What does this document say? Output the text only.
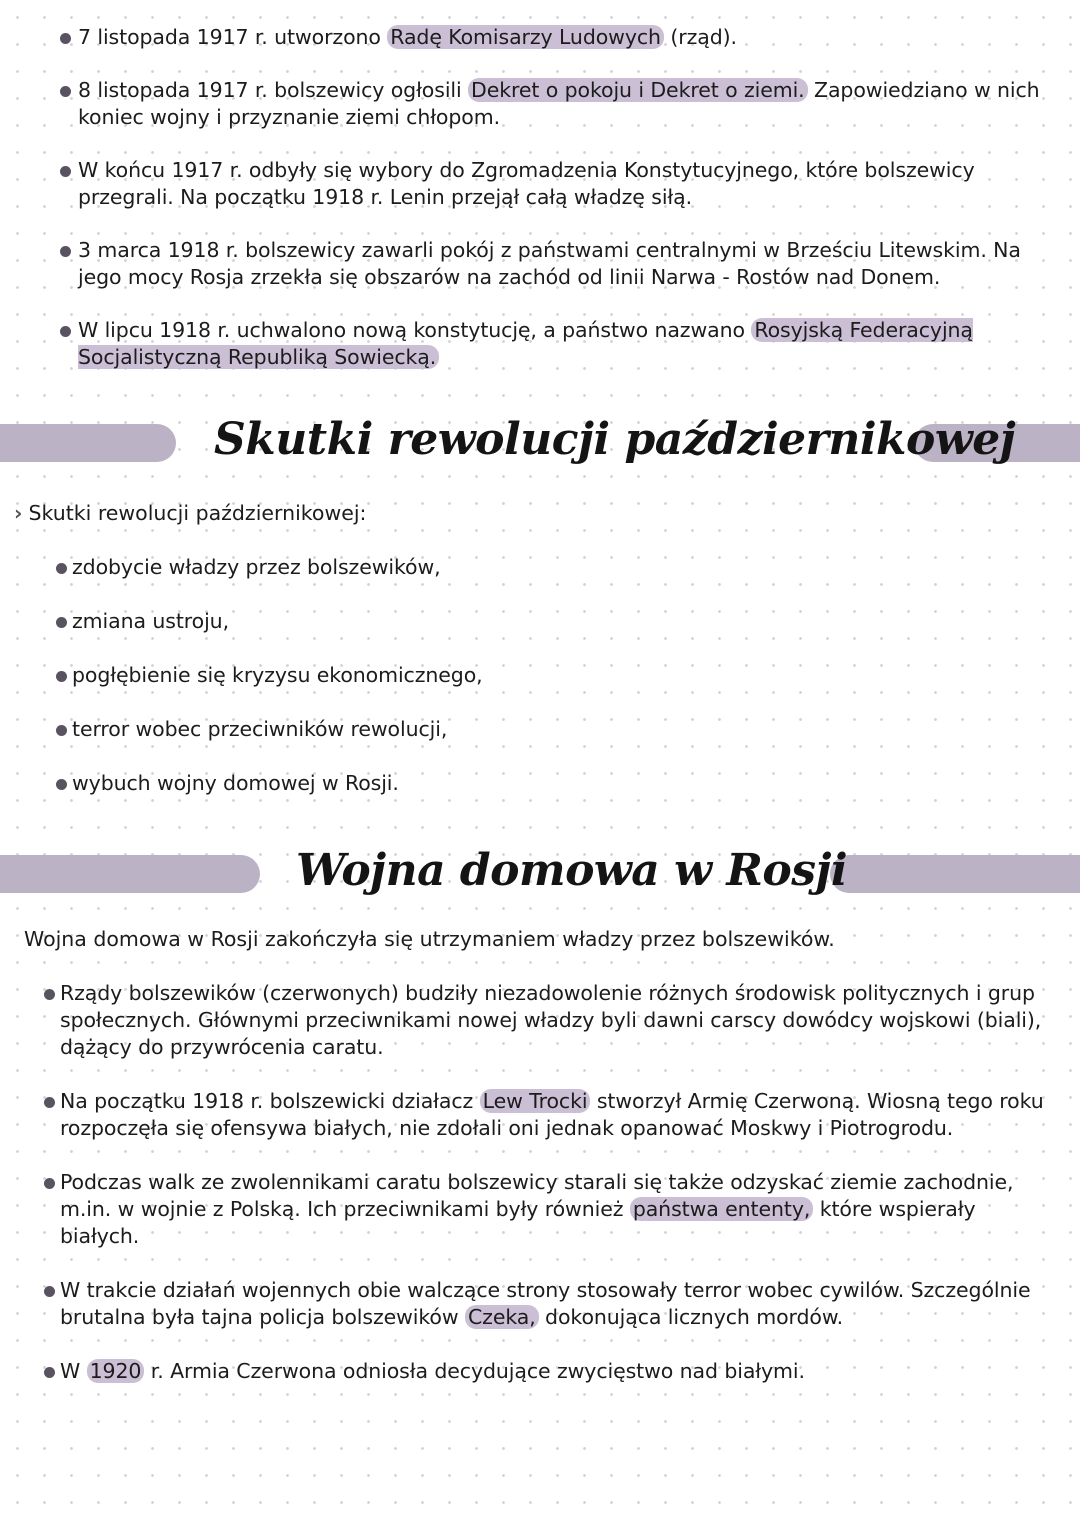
7 listopada 1917 r. utworzono Radę Komisarzy Ludowych (rząd).
8 listopada 1917 r. bolszewicy ogłosili Dekret o pokoju i Dekret o ziemi. Zapowiedziano w nich koniec wojny i przyznanie ziemi chłopom.
W końcu 1917 r. odbyły się wybory do Zgromadzenia Konstytucyjnego, które bolszewicy przegrali. Na początku 1918 r. Lenin przejął całą władzę siłą.
3 marca 1918 r. bolszewicy zawarli pokój z państwami centralnymi w Brześciu Litewskim. Na jego mocy Rosja zrzekła się obszarów na zachód od linii Narwa - Rostów nad Donem.
W lipcu 1918 r. uchwalono nową konstytucję, a państwo nazwano Rosyjską Federacyjną Socjalistyczną Republiką Sowiecką.
Skutki rewolucji październikowej
› Skutki rewolucji październikowej:
zdobycie władzy przez bolszewików,
zmiana ustroju,
pogłębienie się kryzysu ekonomicznego,
terror wobec przeciwników rewolucji,
wybuch wojny domowej w Rosji.
Wojna domowa w Rosji

Wojna domowa w Rosji zakończyła się utrzymaniem władzy przez bolszewików.

Rządy bolszewików (czerwonych) budziły niezadowolenie różnych środowisk politycznych i grup społecznych. Głównymi przeciwnikami nowej władzy byli dawni carscy dowódcy wojskowi (biali), dążący do przywrócenia caratu.
Na początku 1918 r. bolszewicki działacz Lew Trocki stworzył Armię Czerwoną. Wiosną tego roku rozpoczęła się ofensywa białych, nie zdołali oni jednak opanować Moskwy i Piotrogrodu.
Podczas walk ze zwolennikami caratu bolszewicy starali się także odzyskać ziemie zachodnie, m.in. w wojnie z Polską. Ich przeciwnikami były również państwa ententy, które wspierały białych.
W trakcie działań wojennych obie walczące strony stosowały terror wobec cywilów. Szczególnie brutalna była tajna policja bolszewików Czeka, dokonująca licznych mordów.
W 1920 r. Armia Czerwona odniosła decydujące zwycięstwo nad białymi.
